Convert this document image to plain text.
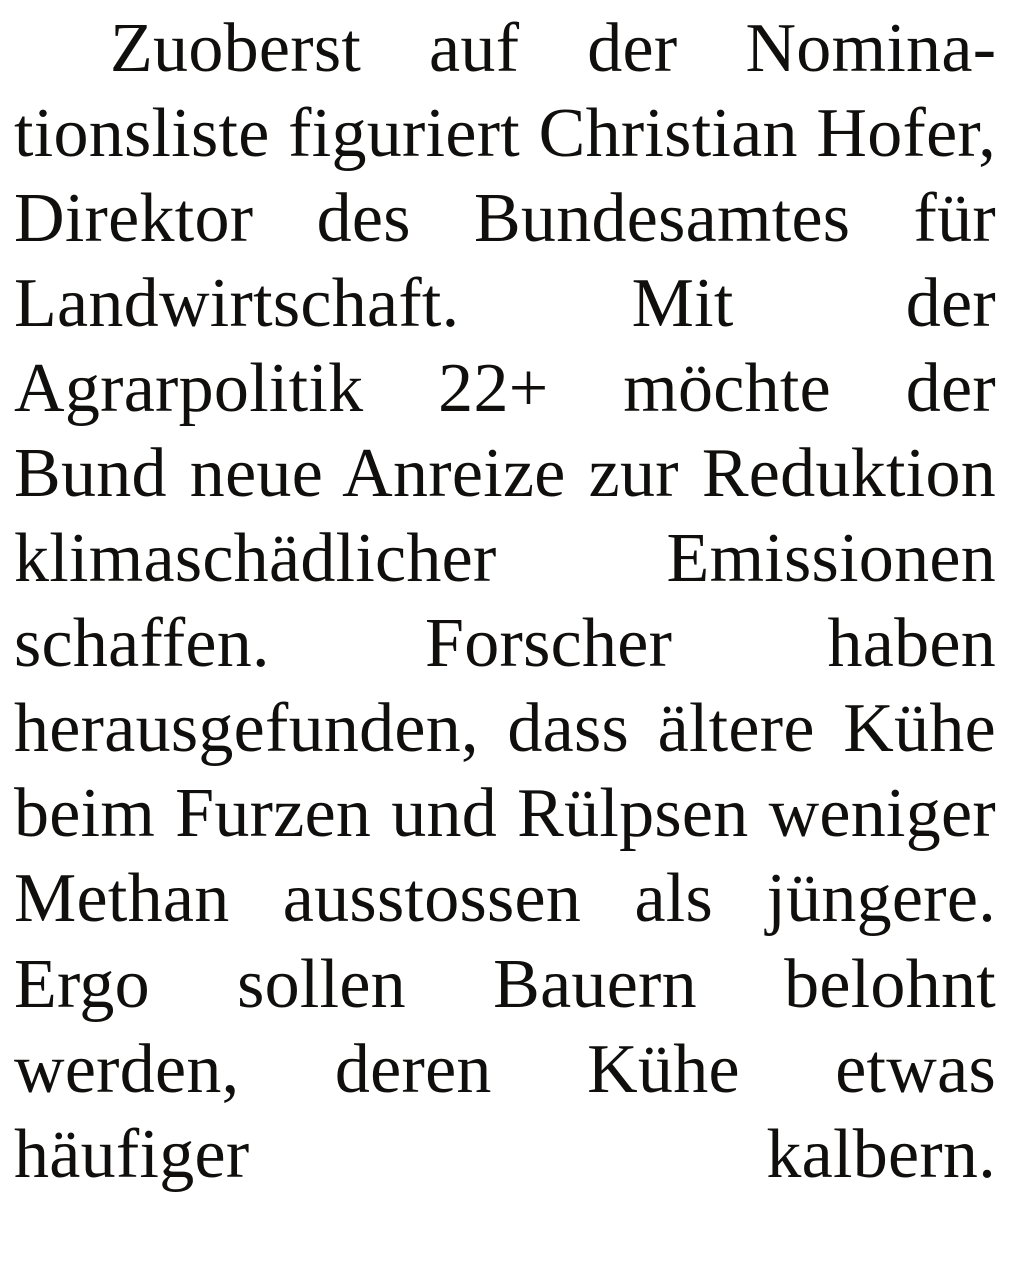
Zuoberst auf der Nominationsliste figuriert Christian Hofer, Direktor des Bundesamtes für Landwirtschaft. Mit der Agrarpolitik 22+ möchte der Bund neue Anreize zur Reduktion klimaschädlicher Emissionen schaffen. Forscher haben herausgefunden, dass ältere Kühe beim Furzen und Rülpsen weniger Methan ausstossen als jüngere. Ergo sollen Bauern belohnt werden, deren Kühe etwas häufiger kalbern.
